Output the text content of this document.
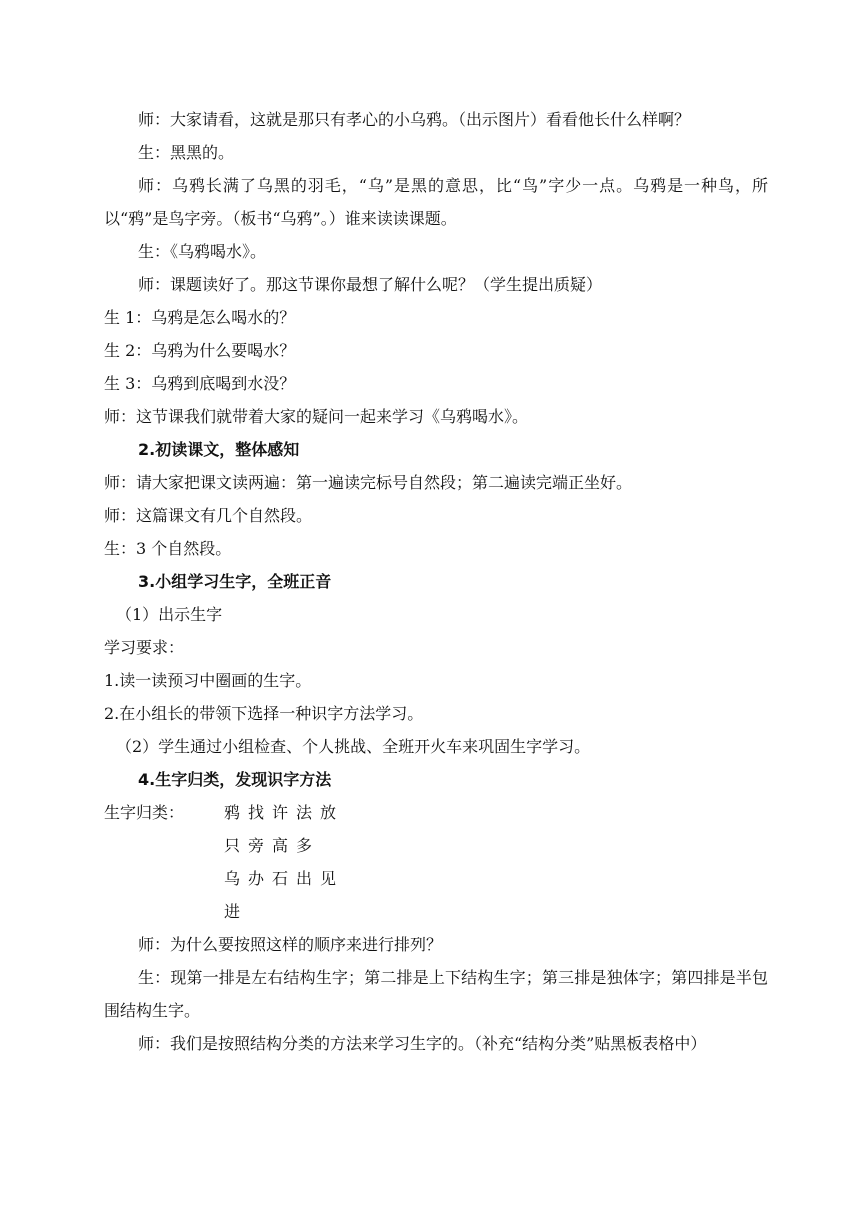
师：大家请看，这就是那只有孝心的小乌鸦。（出示图片）看看他长什么样啊？
生：黑黑的。
师：乌鸦长满了乌黑的羽毛，“乌”是黑的意思，比“鸟”字少一点。乌鸦是一种鸟，所以“鸦”是鸟字旁。（板书“乌鸦”。）谁来读读课题。
生：《乌鸦喝水》。
师：课题读好了。那这节课你最想了解什么呢？（学生提出质疑）
生 1：乌鸦是怎么喝水的？
生 2：乌鸦为什么要喝水？
生 3：乌鸦到底喝到水没？
师：这节课我们就带着大家的疑问一起来学习《乌鸦喝水》。
2.初读课文，整体感知
师：请大家把课文读两遍：第一遍读完标号自然段；第二遍读完端正坐好。
师：这篇课文有几个自然段。
生：3 个自然段。
3.小组学习生字，全班正音
（1）出示生字
学习要求：
1.读一读预习中圈画的生字。
2.在小组长的带领下选择一种识字方法学习。
（2）学生通过小组检查、个人挑战、全班开火车来巩固生字学习。
4.生字归类，发现识字方法
生字归类： 鸦 找 许 法 放
只 旁 高 多
乌 办 石 出 见
进
师：为什么要按照这样的顺序来进行排列？
生：现第一排是左右结构生字；第二排是上下结构生字；第三排是独体字；第四排是半包围结构生字。
师：我们是按照结构分类的方法来学习生字的。（补充“结构分类”贴黑板表格中）
